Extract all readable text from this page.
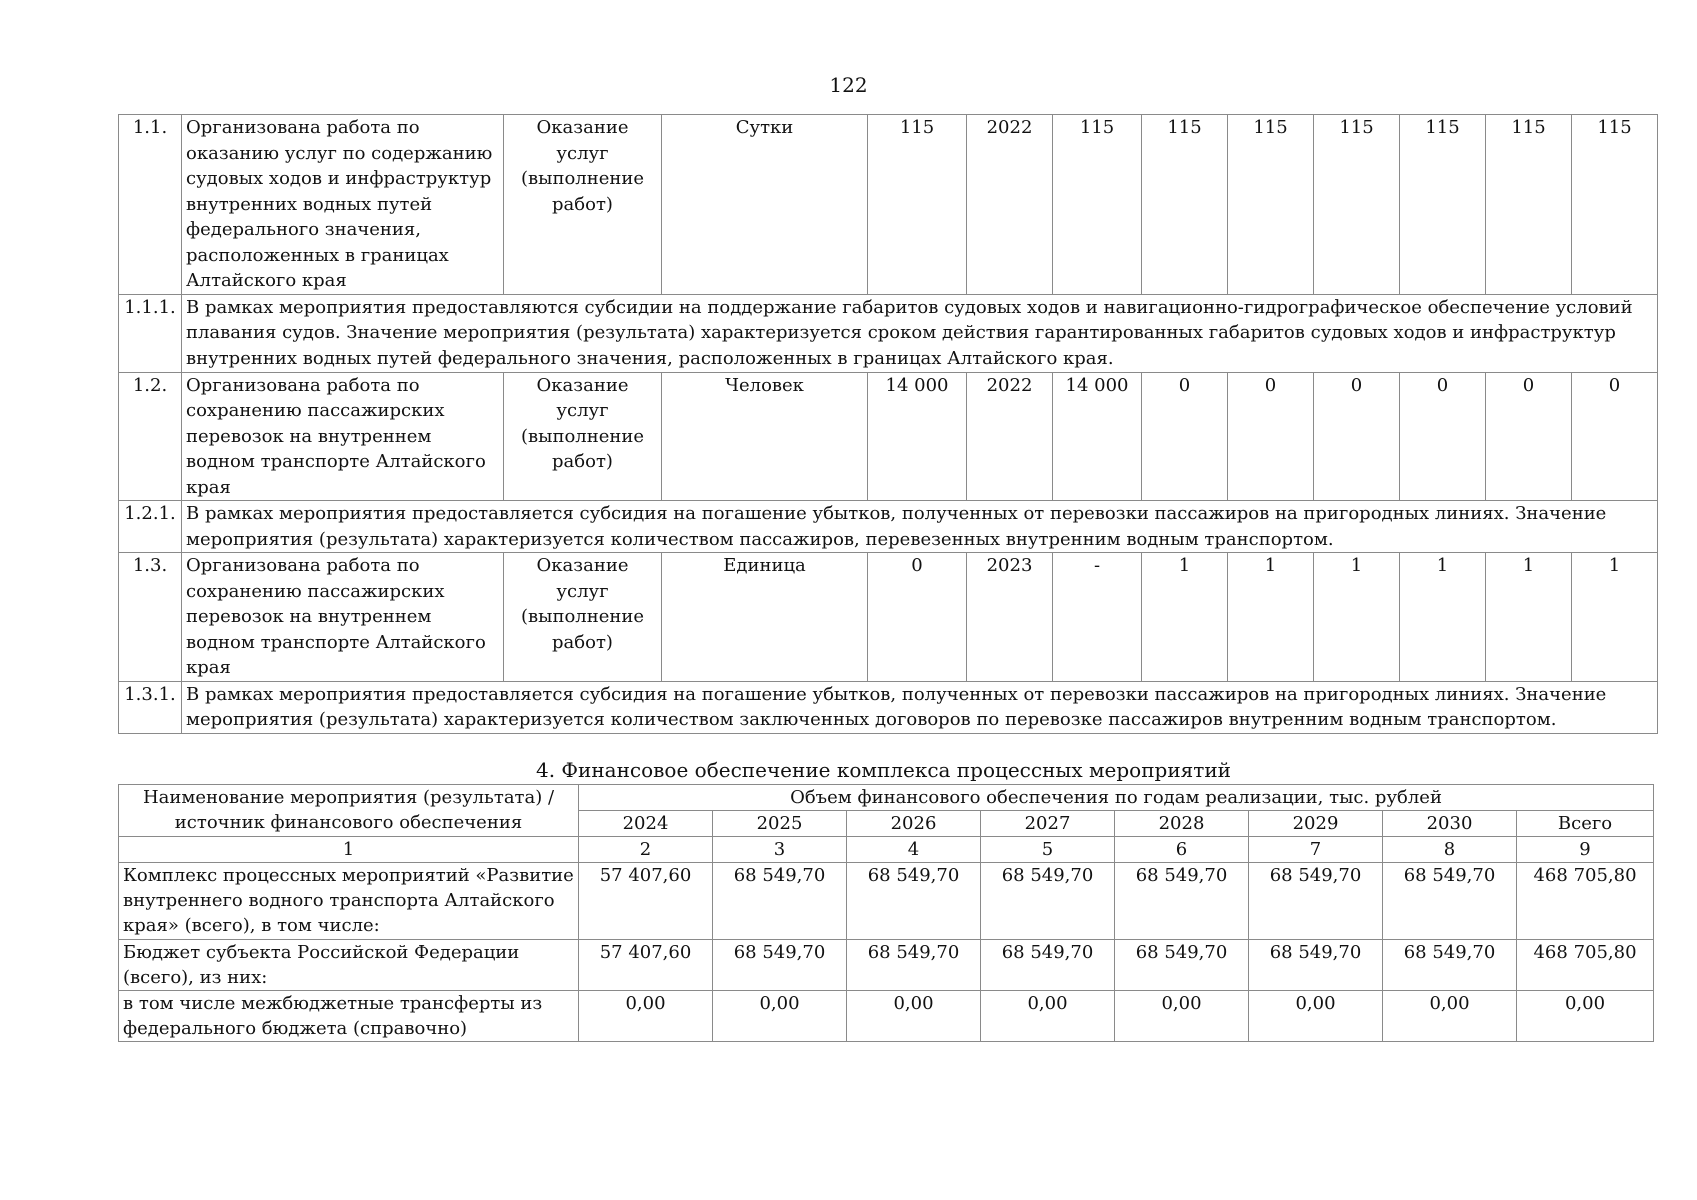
122
1.1.	Организована работа по оказанию услуг по содержанию судовых ходов и инфраструктур внутренних водных путей федерального значения, расположенных в границах Алтайского края	Оказание услуг (выполнение работ)	Сутки	115	2022	115	115	115	115	115	115	115
1.1.1.	В рамках мероприятия предоставляются субсидии на поддержание габаритов судовых ходов и навигационно-гидрографическое обеспечение условий плавания судов. Значение мероприятия (результата) характеризуется сроком действия гарантированных габаритов судовых ходов и инфраструктур внутренних водных путей федерального значения, расположенных в границах Алтайского края.											
1.2.	Организована работа по сохранению пассажирских перевозок на внутреннем водном транспорте Алтайского края	Оказание услуг (выполнение работ)	Человек	14 000	2022	14 000	0	0	0	0	0	0
1.2.1.	В рамках мероприятия предоставляется субсидия на погашение убытков, полученных от перевозки пассажиров на пригородных линиях. Значение мероприятия (результата) характеризуется количеством пассажиров, перевезенных внутренним водным транспортом.											
1.3.	Организована работа по сохранению пассажирских перевозок на внутреннем водном транспорте Алтайского края	Оказание услуг (выполнение работ)	Единица	0	2023	-	1	1	1	1	1	1
1.3.1.	В рамках мероприятия предоставляется субсидия на погашение убытков, полученных от перевозки пассажиров на пригородных линиях. Значение мероприятия (результата) характеризуется количеством заключенных договоров по перевозке пассажиров внутренним водным транспортом.											
4. Финансовое обеспечение комплекса процессных мероприятий
Наименование мероприятия (результата) / источник финансового обеспечения	Объем финансового обеспечения по годам реализации, тыс. рублей							
	2024	2025	2026	2027	2028	2029	2030	Всего
1	2	3	4	5	6	7	8	9
Комплекс процессных мероприятий «Развитие внутреннего водного транспорта Алтайского края» (всего), в том числе:	57 407,60	68 549,70	68 549,70	68 549,70	68 549,70	68 549,70	68 549,70	468 705,80
Бюджет субъекта Российской Федерации (всего), из них:	57 407,60	68 549,70	68 549,70	68 549,70	68 549,70	68 549,70	68 549,70	468 705,80
в том числе межбюджетные трансферты из федерального бюджета (справочно)	0,00	0,00	0,00	0,00	0,00	0,00	0,00	0,00
